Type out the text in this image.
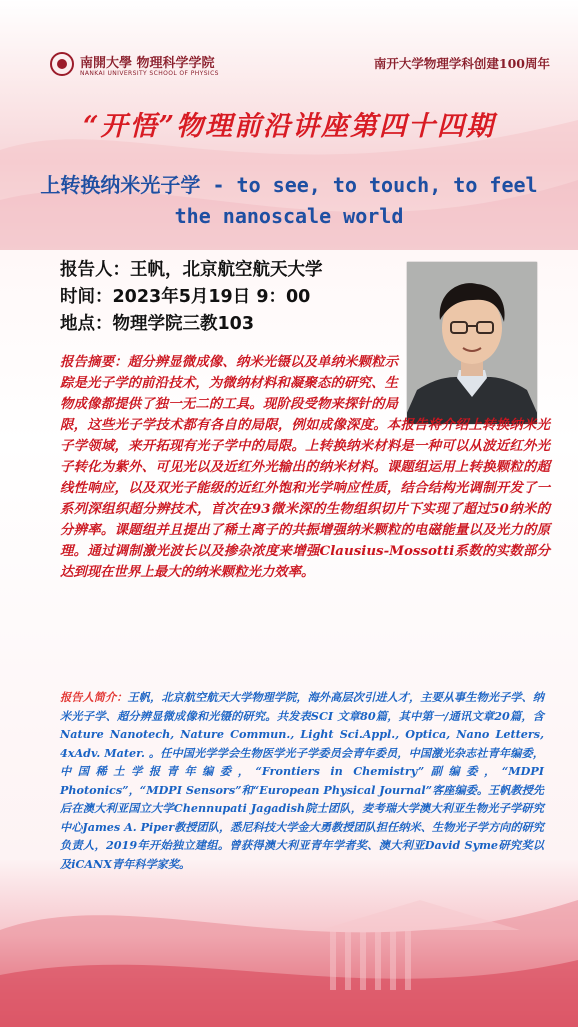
南開大學 物理科学学院
NANKAI UNIVERSITY SCHOOL OF PHYSICS
南开大学物理学科创建100周年
“开悟”物理前沿讲座第四十四期
上转换纳米光子学 - to see, to touch, to feel the nanoscale world
报告人：王帆，北京航空航天大学
时间：2023年5月19日 9：00
地点：物理学院三教103
报告摘要：超分辨显微成像、纳米光镊以及单纳米颗粒示踪是光子学的前沿技术，为微纳材料和凝聚态的研究、生物成像都提供了独一无二的工具。现阶段受物来探针的局限，这些光子学技术都有各自的局限，例如成像深度。本报告将介绍上转换纳米光子学领域，来开拓现有光子学中的局限。上转换纳米材料是一种可以从波近红外光子转化为紫外、可见光以及近红外光输出的纳米材料。课题组运用上转换颗粒的超线性响应，以及双光子能级的近红外饱和光学响应性质，结合结构光调制开发了一系列深组织超分辨技术，首次在93微米深的生物组织切片下实现了超过50纳米的分辨率。课题组并且提出了稀土离子的共振增强纳米颗粒的电磁能量以及光力的原理。通过调制激光波长以及掺杂浓度来增强Clausius-Mossotti系数的实数部分达到现在世界上最大的纳米颗粒光力效率。
报告人简介：王帆，北京航空航天大学物理学院，海外高层次引进人才，主要从事生物光子学、纳米光子学、超分辨显微成像和光镊的研究。共发表SCI 文章80篇，其中第一/通讯文章20篇，含Nature Nanotech, Nature Commun., Light Sci.Appl., Optica, Nano Letters, 4xAdv. Mater. 。任中国光学学会生物医学光子学委员会青年委员，中国激光杂志社青年编委，中国稀土学报青年编委，“Frontiers in Chemistry”副编委，“MDPI Photonics”，“MDPI Sensors”和“European Physical Journal”客座编委。王帆教授先后在澳大利亚国立大学Chennupati Jagadish院士团队，麦考瑞大学澳大利亚生物光子学研究中心James A. Piper教授团队，悉尼科技大学金大勇教授团队担任纳米、生物光子学方向的研究负责人，2019年开始独立建组。曾获得澳大利亚青年学者奖、澳大利亚David Syme研究奖以及iCANX青年科学家奖。
